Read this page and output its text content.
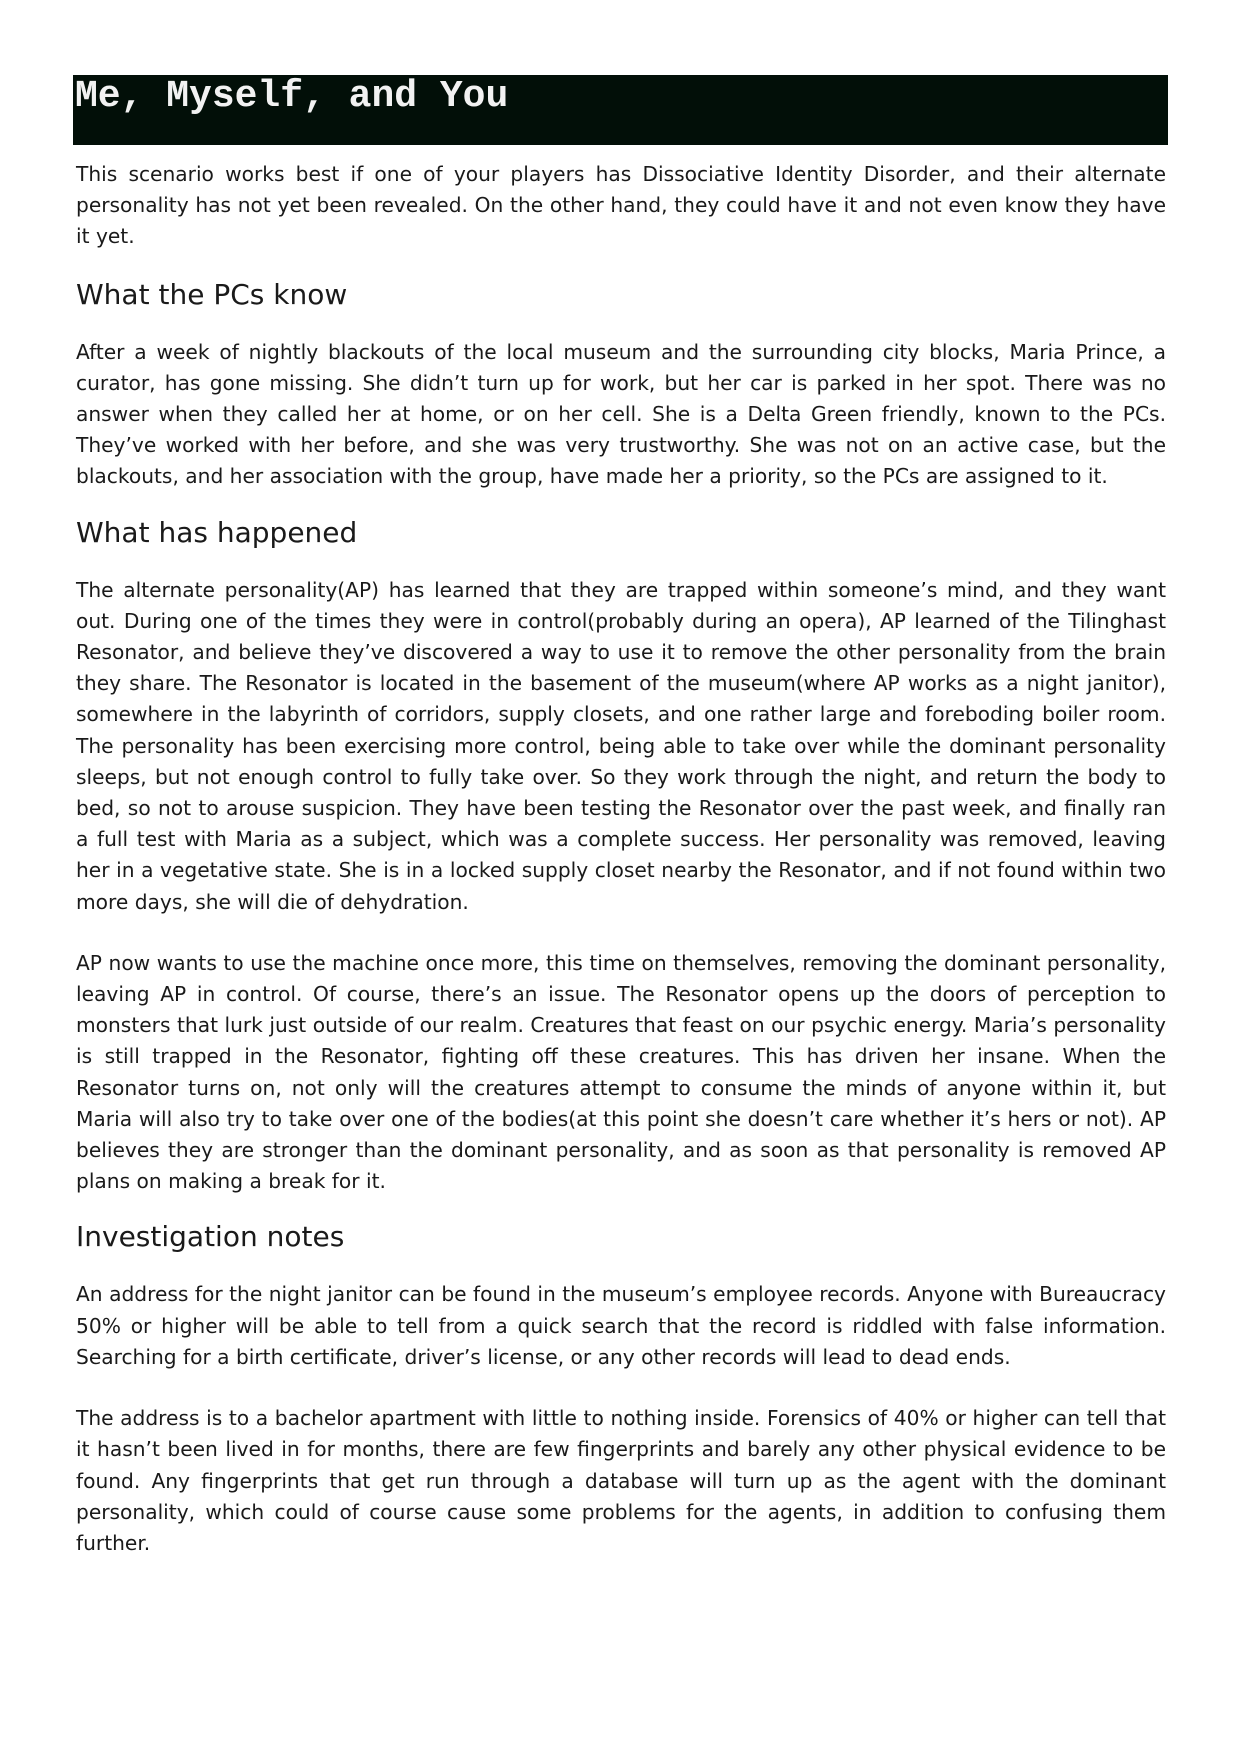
Me, Myself, and You

This scenario works best if one of your players has Dissociative Identity Disorder, and their alternate personality has not yet been revealed. On the other hand, they could have it and not even know they have it yet.

What the PCs know

After a week of nightly blackouts of the local museum and the surrounding city blocks, Maria Prince, a curator, has gone missing. She didn’t turn up for work, but her car is parked in her spot. There was no answer when they called her at home, or on her cell. She is a Delta Green friendly, known to the PCs. They’ve worked with her before, and she was very trustworthy. She was not on an active case, but the blackouts, and her association with the group, have made her a priority, so the PCs are assigned to it.

What has happened

The alternate personality(AP) has learned that they are trapped within someone’s mind, and they want out. During one of the times they were in control(probably during an opera), AP learned of the Tilinghast Resonator, and believe they’ve discovered a way to use it to remove the other personality from the brain they share. The Resonator is located in the basement of the museum(where AP works as a night janitor), somewhere in the labyrinth of corridors, supply closets, and one rather large and foreboding boiler room. The personality has been exercising more control, being able to take over while the dominant personality sleeps, but not enough control to fully take over. So they work through the night, and return the body to bed, so not to arouse suspicion. They have been testing the Resonator over the past week, and finally ran a full test with Maria as a subject, which was a complete success. Her personality was removed, leaving her in a vegetative state. She is in a locked supply closet nearby the Resonator, and if not found within two more days, she will die of dehydration.

AP now wants to use the machine once more, this time on themselves, removing the dominant personality, leaving AP in control. Of course, there’s an issue. The Resonator opens up the doors of perception to monsters that lurk just outside of our realm. Creatures that feast on our psychic energy. Maria’s personality is still trapped in the Resonator, fighting off these creatures. This has driven her insane. When the Resonator turns on, not only will the creatures attempt to consume the minds of anyone within it, but Maria will also try to take over one of the bodies(at this point she doesn’t care whether it’s hers or not). AP believes they are stronger than the dominant personality, and as soon as that personality is removed AP plans on making a break for it.

Investigation notes

An address for the night janitor can be found in the museum’s employee records. Anyone with Bureaucracy 50% or higher will be able to tell from a quick search that the record is riddled with false information. Searching for a birth certificate, driver’s license, or any other records will lead to dead ends.

The address is to a bachelor apartment with little to nothing inside. Forensics of 40% or higher can tell that it hasn’t been lived in for months, there are few fingerprints and barely any other physical evidence to be found. Any fingerprints that get run through a database will turn up as the agent with the dominant personality, which could of course cause some problems for the agents, in addition to confusing them further.
